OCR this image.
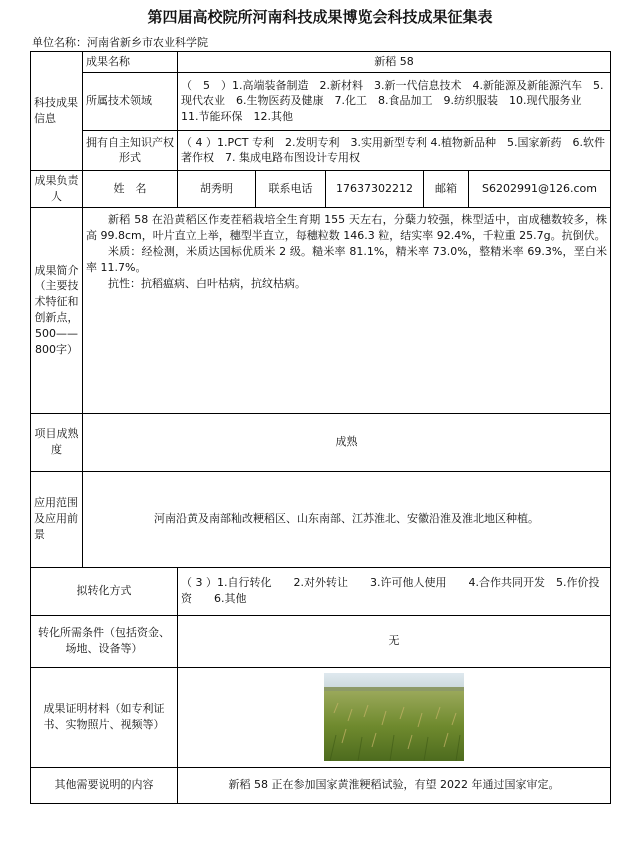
第四届高校院所河南科技成果博览会科技成果征集表
单位名称：河南省新乡市农业科学院
科技成果信息	成果名称	新稻 58				
	所属技术领域	（　5　）1.高端装备制造　2.新材料　3.新一代信息技术　4.新能源及新能源汽车　5.现代农业　6.生物医药及健康　7.化工　8.食品加工　9.纺织服装　10.现代服务业　11.节能环保　12.其他				
	拥有自主知识产权形式	（ 4 ）1.PCT 专利　2.发明专利　3.实用新型专利 4.植物新品种　5.国家新药　6.软件著作权　7. 集成电路布图设计专用权				
成果负责人	姓　名	胡秀明	联系电话	17637302212	邮箱	S6202991@126.com
成果简介（主要技术特征和创新点，500——800字）	新稻 58 在沿黄稻区作麦茬稻栽培全生育期 155 天左右，分蘖力较强，株型适中，亩成穗数较多，株高 99.8cm，叶片直立上举，穗型半直立，每穗粒数 146.3 粒，结实率 92.4%，千粒重 25.7g。抗倒伏。

米质：经检测，米质达国标优质米 2 级。糙米率 81.1%，精米率 73.0%，整精米率 69.3%，垩白米率 11.7%。

抗性：抗稻瘟病、白叶枯病，抗纹枯病。					

项目成熟度	成熟					
应用范围及应用前景	河南沿黄及南部籼改粳稻区、山东南部、江苏淮北、安徽沿淮及淮北地区种植。					
拟转化方式		（ 3 ）1.自行转化　　2.对外转让　　3.许可他人使用　　4.合作共同开发　5.作价投资　　6.其他				
转化所需条件（包括资金、场地、设备等）		无				
成果证明材料（如专利证书、实物照片、视频等）	

其他需要说明的内容		新稻 58 正在参加国家黄淮粳稻试验，有望 2022 年通过国家审定。				
